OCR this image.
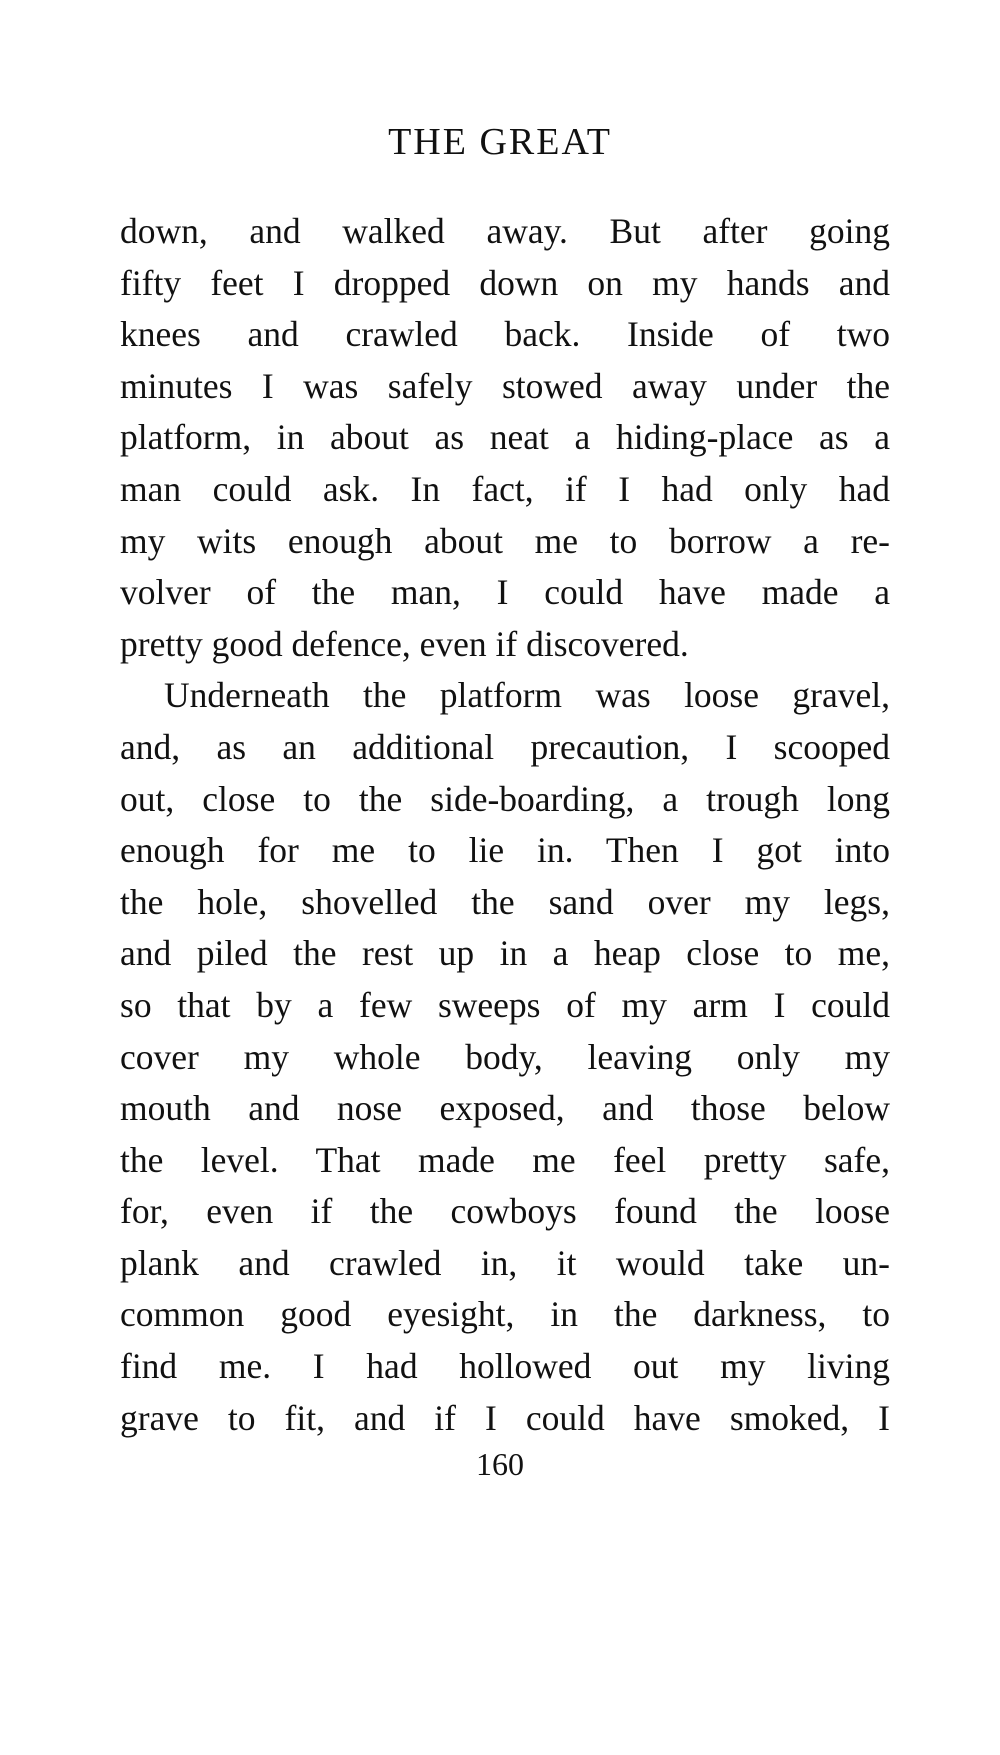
THE GREAT
down, and walked away. But after going
fifty feet I dropped down on my hands and
knees and crawled back. Inside of two
minutes I was safely stowed away under the
platform, in about as neat a hiding-place as a
man could ask. In fact, if I had only had
my wits enough about me to borrow a re-
volver of the man, I could have made a
pretty good defence, even if discovered.
Underneath the platform was loose gravel,
and, as an additional precaution, I scooped
out, close to the side-boarding, a trough long
enough for me to lie in. Then I got into
the hole, shovelled the sand over my legs,
and piled the rest up in a heap close to me,
so that by a few sweeps of my arm I could
cover my whole body, leaving only my
mouth and nose exposed, and those below
the level. That made me feel pretty safe,
for, even if the cowboys found the loose
plank and crawled in, it would take un-
common good eyesight, in the darkness, to
find me. I had hollowed out my living
grave to fit, and if I could have smoked, I
160
